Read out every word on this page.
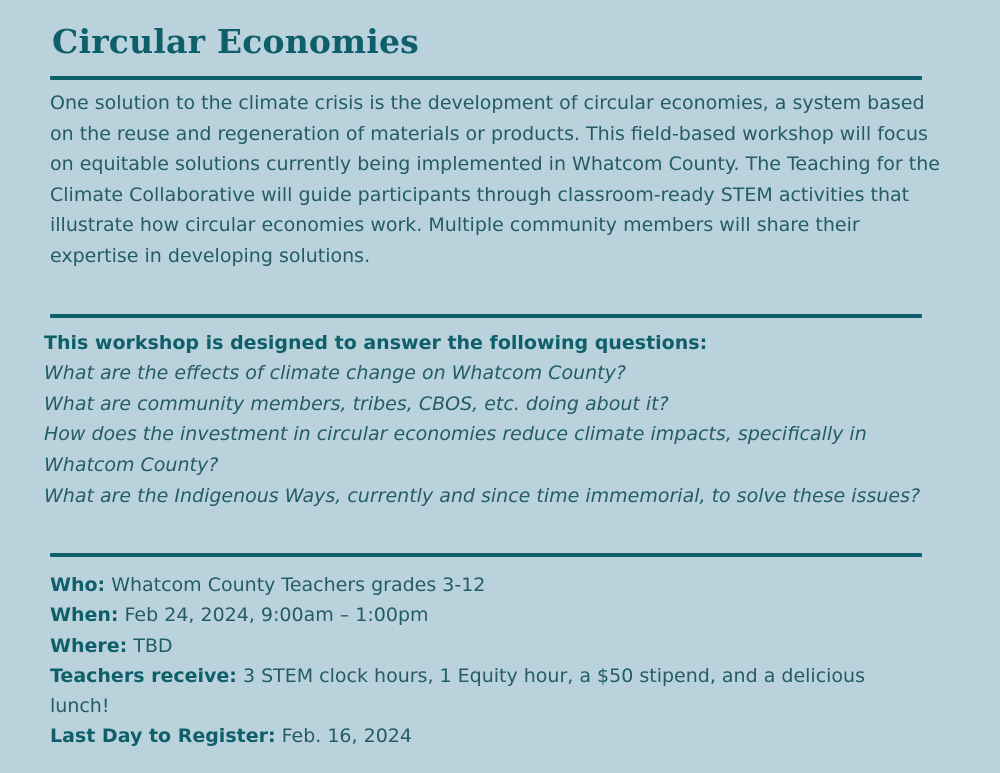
Circular Economies

One solution to the climate crisis is the development of circular economies, a system based on the reuse and regeneration of materials or products. This field-based workshop will focus on equitable solutions currently being implemented in Whatcom County. The Teaching for the Climate Collaborative will guide participants through classroom-ready STEM activities that illustrate how circular economies work. Multiple community members will share their expertise in developing solutions.

This workshop is designed to answer the following questions:

What are the effects of climate change on Whatcom County?
What are community members, tribes, CBOS, etc. doing about it?
How does the investment in circular economies reduce climate impacts, specifically in Whatcom County?
What are the Indigenous Ways, currently and since time immemorial, to solve these issues?
Who: Whatcom County Teachers grades 3-12
When: Feb 24, 2024, 9:00am – 1:00pm
Where: TBD
Teachers receive: 3 STEM clock hours, 1 Equity hour, a $50 stipend, and a delicious lunch!
Last Day to Register: Feb. 16, 2024
